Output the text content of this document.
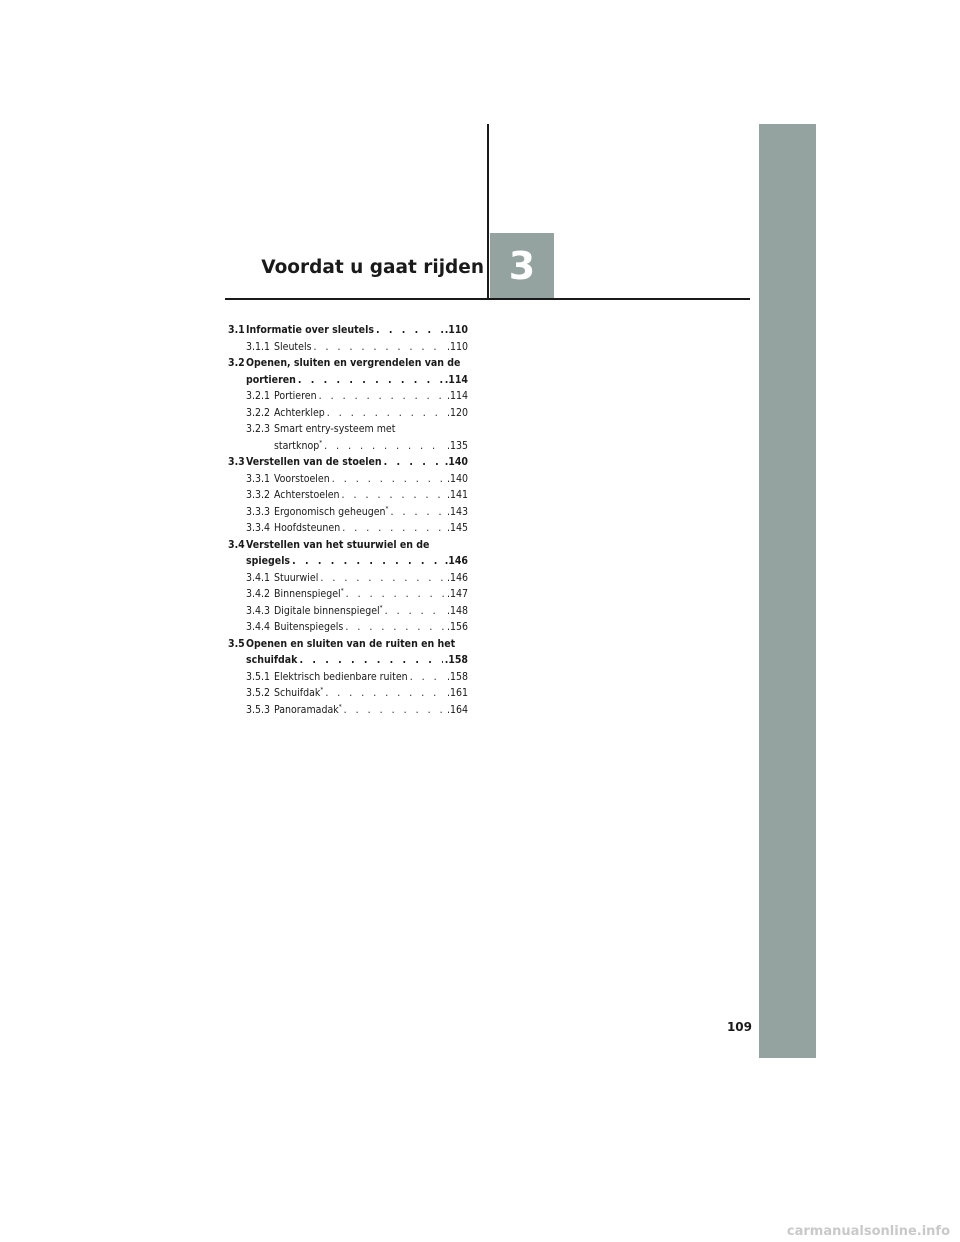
Voordat u gaat rijden 3
3.1 Informatie over sleutels . . .	.110
3.1.1 Sleutels . . .	.110
3.2 Openen, sluiten en vergrendelen van de
portieren . . .	.114
3.2.1 Portieren . . .	.114
3.2.2 Achterklep . . .	.120
3.2.3 Smart entry-systeem met
startknop* . . .	.135
3.3 Verstellen van de stoelen . . .	.140
3.3.1 Voorstoelen . . .	.140
3.3.2 Achterstoelen . . .	.141
3.3.3 Ergonomisch geheugen* . . .	.143
3.3.4 Hoofdsteunen . . .	.145
3.4 Verstellen van het stuurwiel en de
spiegels . . .	.146
3.4.1 Stuurwiel . . .	.146
3.4.2 Binnenspiegel* . . .	.147
3.4.3 Digitale binnenspiegel* . . .	.148
3.4.4 Buitenspiegels . . .	.156
3.5 Openen en sluiten van de ruiten en het
schuifdak . . .	.158
3.5.1 Elektrisch bedienbare ruiten . . .	.158
3.5.2 Schuifdak* . . .	.161
3.5.3 Panoramadak* . . .	.164
109
carmanualsonline.info
